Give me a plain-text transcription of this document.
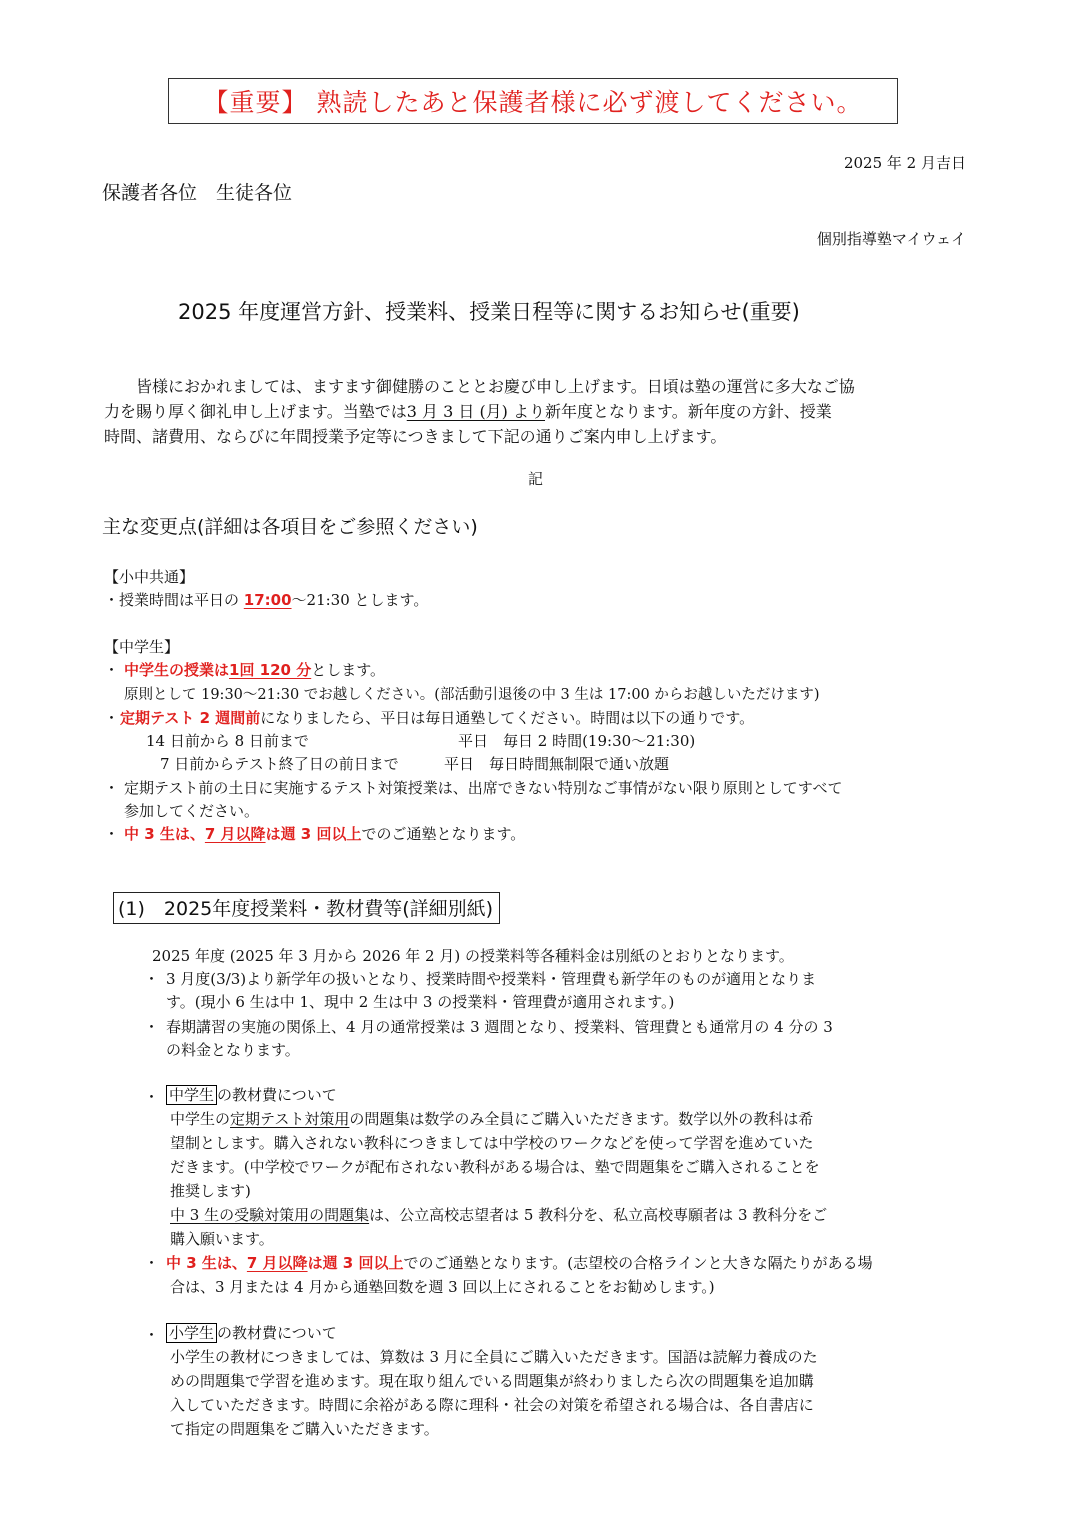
【重要】 熟読したあと保護者様に必ず渡してください。
2025 年 2 月吉日
保護者各位　生徒各位
個別指導塾マイウェイ
2025 年度運営方針、授業料、授業日程等に関するお知らせ(重要)
皆様におかれましては、ますます御健勝のこととお慶び申し上げます。日頃は塾の運営に多大なご協
力を賜り厚く御礼申し上げます。当塾では3 月 3 日 (月) より新年度となります。新年度の方針、授業
時間、諸費用、ならびに年間授業予定等につきまして下記の通りご案内申し上げます。
記
主な変更点(詳細は各項目をご参照ください)
【小中共通】
・授業時間は平日の 17:00〜21:30 とします。
【中学生】
・ 中学生の授業は1回 120 分とします。
原則として 19:30〜21:30 でお越しください。(部活動引退後の中 3 生は 17:00 からお越しいただけます)
・ 定期テスト 2 週間前になりましたら、平日は毎日通塾してください。時間は以下の通りです。
14 日前から 8 日前まで	平日　毎日 2 時間(19:30〜21:30)
7 日前からテスト終了日の前日まで	平日　毎日時間無制限で通い放題
・ 定期テスト前の土日に実施するテスト対策授業は、出席できない特別なご事情がない限り原則としてすべて
参加してください。
・ 中 3 生は、7 月以降は週 3 回以上でのご通塾となります。
(1)　2025年度授業料・教材費等(詳細別紙)
2025 年度 (2025 年 3 月から 2026 年 2 月) の授業料等各種料金は別紙のとおりとなります。
・ 3 月度(3/3)より新学年の扱いとなり、授業時間や授業料・管理費も新学年のものが適用となりま
す。(現小 6 生は中 1、現中 2 生は中 3 の授業料・管理費が適用されます。)
・ 春期講習の実施の関係上、4 月の通常授業は 3 週間となり、授業料、管理費とも通常月の 4 分の 3
の料金となります。
・ 中学生 の教材費について
中学生の定期テスト対策用の問題集は数学のみ全員にご購入いただきます。数学以外の教科は希
望制とします。購入されない教科につきましては中学校のワークなどを使って学習を進めていた
だきます。(中学校でワークが配布されない教科がある場合は、塾で問題集をご購入されることを
推奨します)
中 3 生の受験対策用の問題集は、公立高校志望者は 5 教科分を、私立高校専願者は 3 教科分をご
購入願います。
・ 中 3 生は、7 月以降は週 3 回以上でのご通塾となります。(志望校の合格ラインと大きな隔たりがある場
合は、3 月または 4 月から通塾回数を週 3 回以上にされることをお勧めします。)
・ 小学生 の教材費について
小学生の教材につきましては、算数は 3 月に全員にご購入いただきます。国語は読解力養成のた
めの問題集で学習を進めます。現在取り組んでいる問題集が終わりましたら次の問題集を追加購
入していただきます。時間に余裕がある際に理科・社会の対策を希望される場合は、各自書店に
て指定の問題集をご購入いただきます。
